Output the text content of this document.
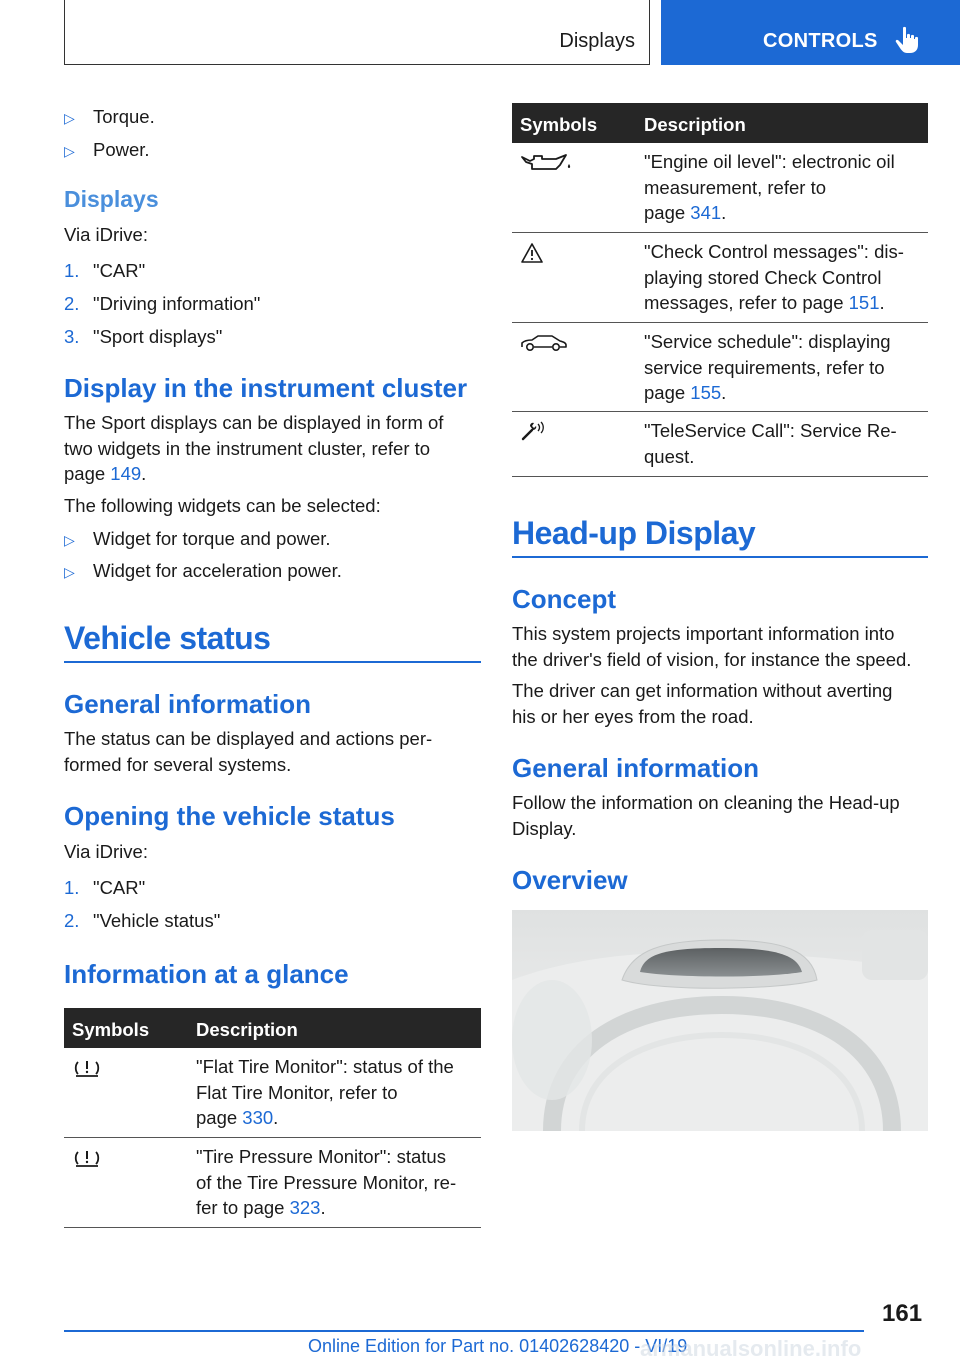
Displays	CONTROLS
▷ Torque.
▷ Power.
Displays
Via iDrive:
1. "CAR"
2. "Driving information"
3. "Sport displays"
Display in the instrument cluster
The Sport displays can be displayed in form of
two widgets in the instrument cluster, refer to
page 149.
The following widgets can be selected:
▷ Widget for torque and power.
▷ Widget for acceleration power.
Vehicle status
General information
The status can be displayed and actions per‐
formed for several systems.
Opening the vehicle status
Via iDrive:
1. "CAR"
2. "Vehicle status"
Information at a glance
Symbols	Description
"Flat Tire Monitor": status of the
Flat Tire Monitor, refer to
page 330.
"Tire Pressure Monitor": status
of the Tire Pressure Monitor, re‐
fer to page 323.
Symbols	Description
"Engine oil level": electronic oil
measurement, refer to
page 341.
"Check Control messages": dis‐
playing stored Check Control
messages, refer to page 151.
"Service schedule": displaying
service requirements, refer to
page 155.
"TeleService Call": Service Re‐
quest.
Head-up Display
Concept
This system projects important information into
the driver's field of vision, for instance the speed.
The driver can get information without averting
his or her eyes from the road.
General information
Follow the information on cleaning the Head-up
Display.
Overview
161
Online Edition for Part no. 01402628420 - VI/19
armanualsonline.info
